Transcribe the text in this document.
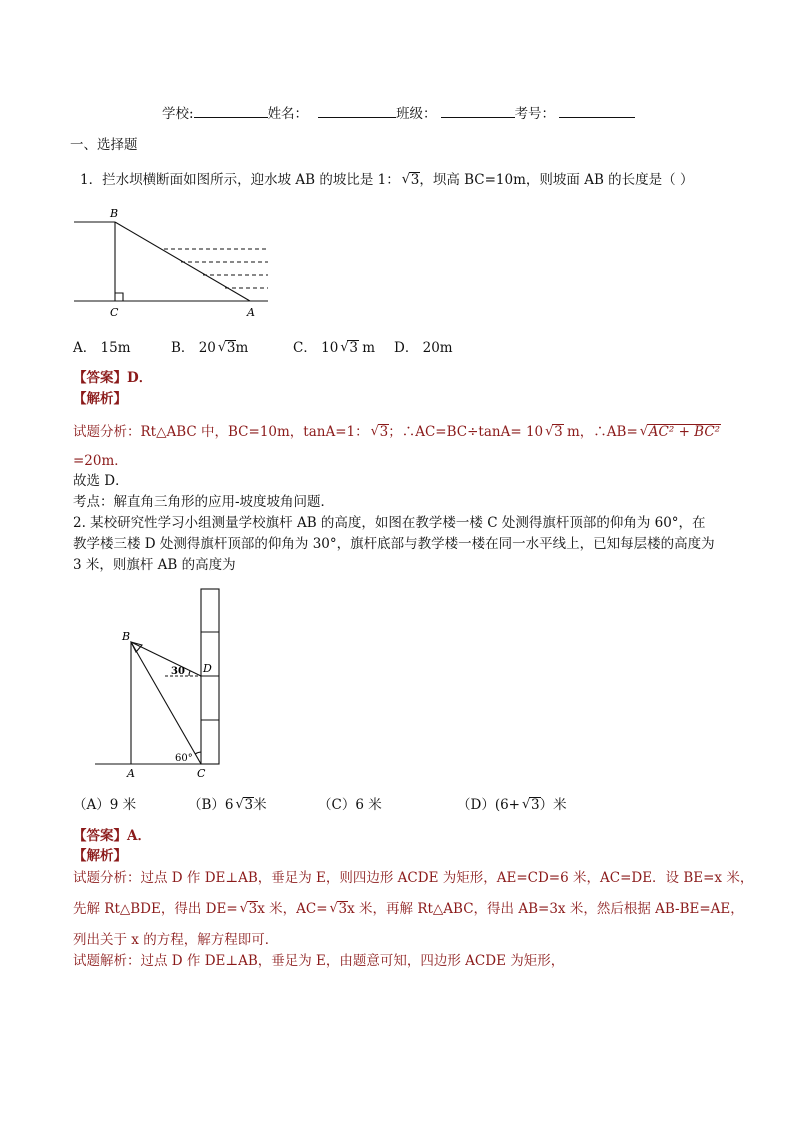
学校:	姓名：	班级：	考号：
一、选择题
1．拦水坝横断面如图所示，迎水坡 AB 的坡比是 1： √ 3，坝高 BC=10m，则坡面 AB 的长度是（ ）
B
C	A
A． 15m	B． 20 √ 3m	C． 10 √ 3 m D． 20m
【答案】D．
【解析】
试题分析：Rt△ABC 中，BC=10m，tanA=1： √ 3；∴AC=BC÷tanA= 10 √ 3 m，∴AB= √ AC² + BC²
=20m．
故选 D．
考点：解直角三角形的应用-坡度坡角问题．
2. 某校研究性学习小组测量学校旗杆 AB 的高度，如图在教学楼一楼 C 处测得旗杆顶部的仰角为 60°，在
教学楼三楼 D 处测得旗杆顶部的仰角为 30°，旗杆底部与教学楼一楼在同一水平线上，已知每层楼的高度为
3 米，则旗杆 AB 的高度为
B
D
30
60°
A	C
（A）9 米	（B）6 √ 3米	（C）6 米	（D）(6+ √ 3）米
【答案】A．
【解析】
试题分析：过点 D 作 DE⊥AB，垂足为 E，则四边形 ACDE 为矩形，AE=CD=6 米，AC=DE．设 BE=x 米，
先解 Rt△BDE，得出 DE= √ 3x 米，AC= √ 3x 米，再解 Rt△ABC，得出 AB=3x 米，然后根据 AB-BE=AE，
列出关于 x 的方程，解方程即可．
试题解析：过点 D 作 DE⊥AB，垂足为 E，由题意可知，四边形 ACDE 为矩形，
